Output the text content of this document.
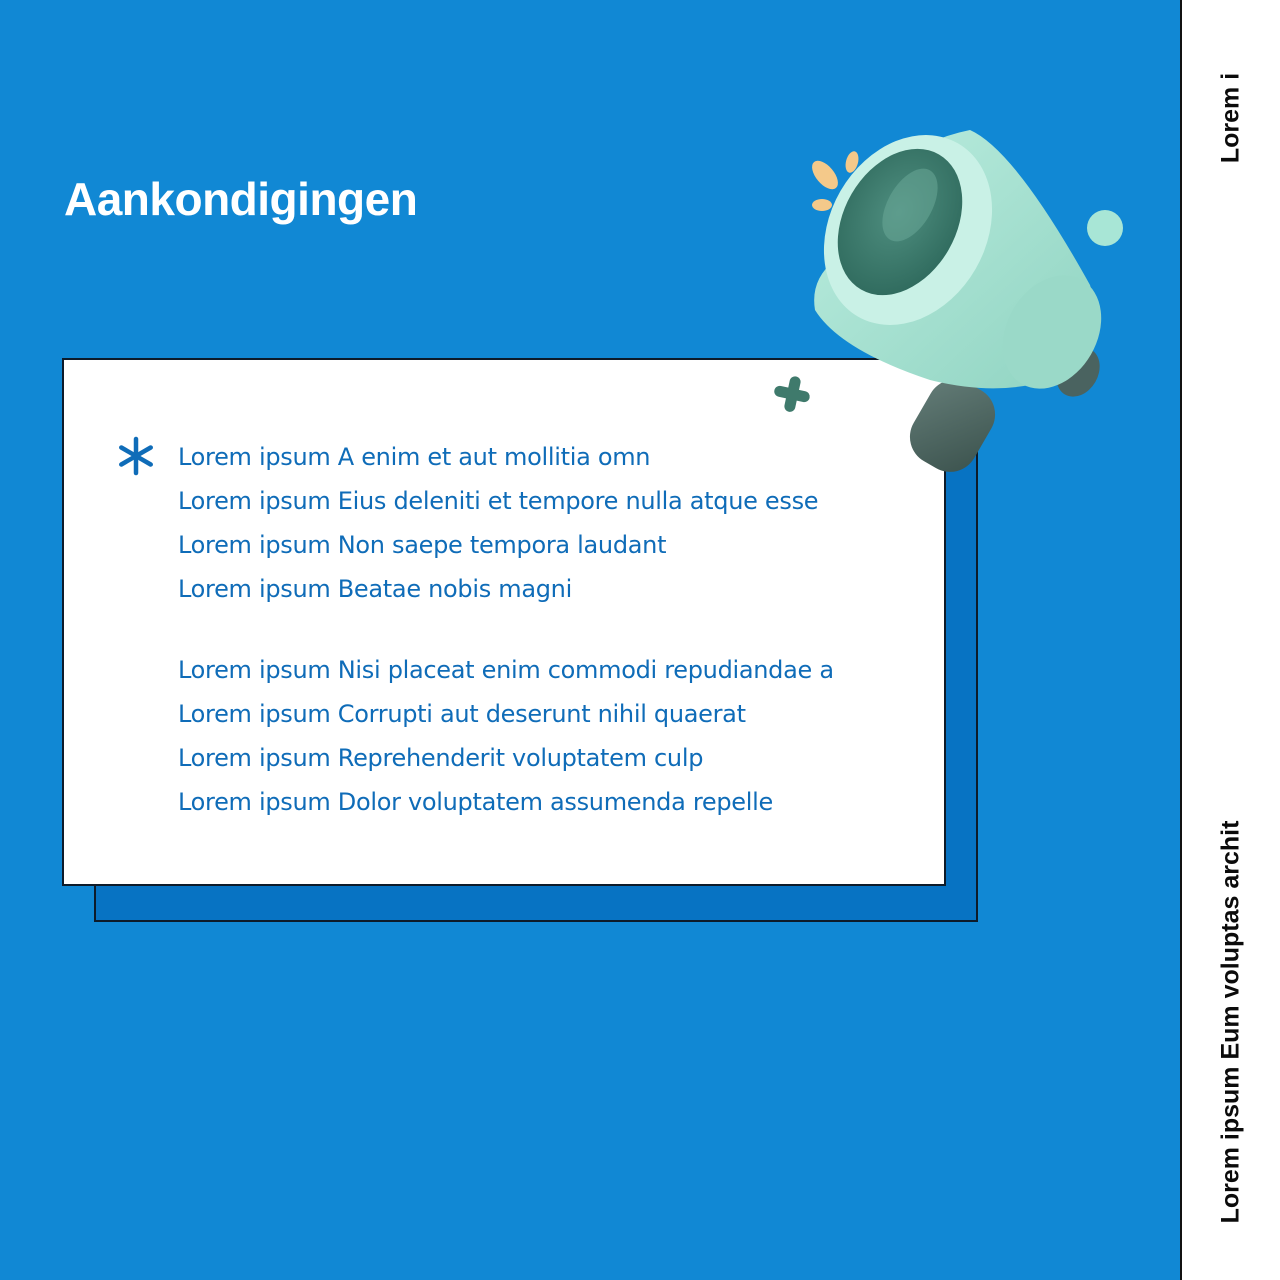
Lorem i
Lorem ipsum Eum voluptas archit
Aankondigingen
Lorem ipsum A enim et aut mollitia omn
Lorem ipsum Eius deleniti et tempore nulla atque esse
Lorem ipsum Non saepe tempora laudant
Lorem ipsum Beatae nobis magni
Lorem ipsum Nisi placeat enim commodi repudiandae a
Lorem ipsum Corrupti aut deserunt nihil quaerat
Lorem ipsum Reprehenderit voluptatem culp
Lorem ipsum Dolor voluptatem assumenda repelle
